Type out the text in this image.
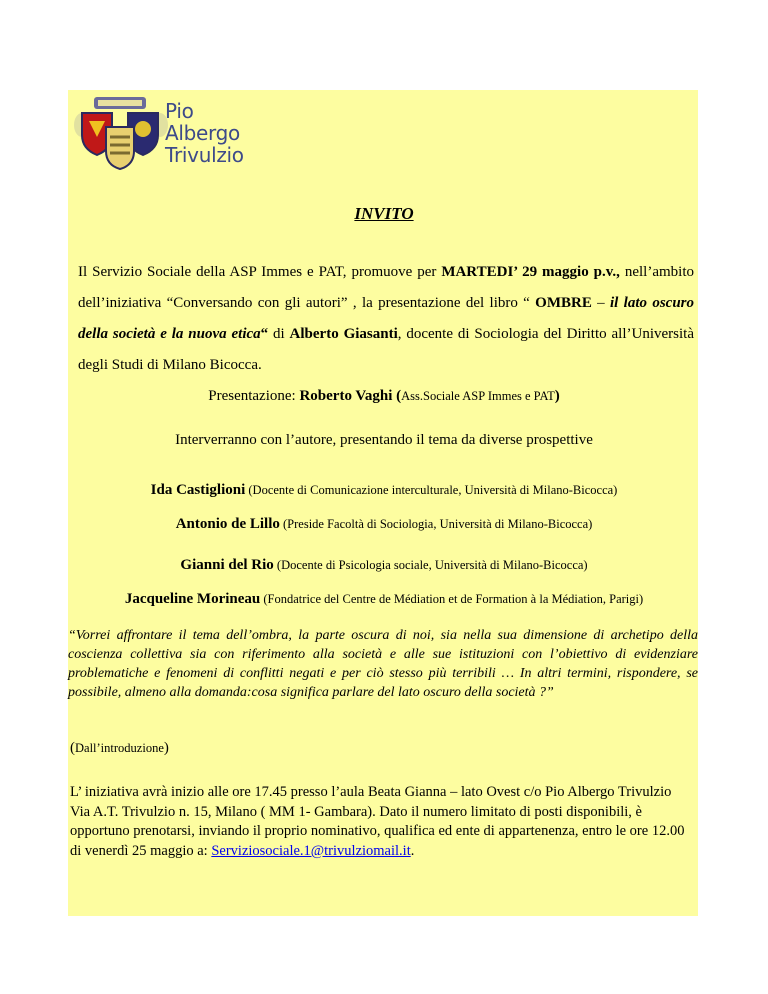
Pio
Albergo
Trivulzio
INVITO

Il Servizio Sociale della ASP Immes e PAT, promuove per MARTEDI’ 29 maggio p.v., nell’ambito dell’iniziativa “Conversando con gli autori” , la presentazione del libro “ OMBRE – il lato oscuro della società e la nuova etica“ di Alberto Giasanti, docente di Sociologia del Diritto all’Università degli Studi di Milano Bicocca.

Presentazione: Roberto Vaghi (Ass.Sociale ASP Immes e PAT)
Interverranno con l’autore, presentando il tema da diverse prospettive
Ida Castiglioni (Docente di Comunicazione interculturale, Università di Milano-Bicocca)
Antonio de Lillo (Preside Facoltà di Sociologia, Università di Milano-Bicocca)
Gianni del Rio (Docente di Psicologia sociale, Università di Milano-Bicocca)
Jacqueline Morineau (Fondatrice del Centre de Médiation et de Formation à la Médiation, Parigi)

“Vorrei affrontare il tema dell’ombra, la parte oscura di noi, sia nella sua dimensione di archetipo della coscienza collettiva sia con riferimento alla società e alle sue istituzioni con l’obiettivo di evidenziare problematiche e fenomeni di conflitti negati e per ciò stesso più terribili … In altri termini, rispondere, se possibile, almeno alla domanda:cosa significa parlare del lato oscuro della società ?”

(Dall’introduzione)

L’ iniziativa avrà inizio alle ore 17.45 presso l’aula Beata Gianna – lato Ovest c/o Pio Albergo Trivulzio Via A.T. Trivulzio n. 15, Milano ( MM 1- Gambara). Dato il numero limitato di posti disponibili, è opportuno prenotarsi, inviando il proprio nominativo, qualifica ed ente di appartenenza, entro le ore 12.00 di venerdì 25 maggio a: Serviziosociale.1@trivulziomail.it.
